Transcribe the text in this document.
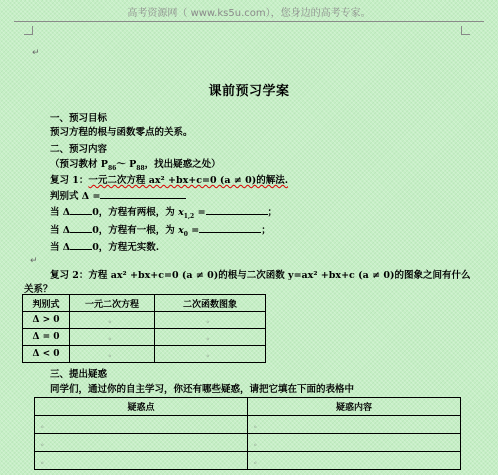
高考资源网（ www.ks5u.com），您身边的高考专家。
↵
课前预习学案
一、预习目标
预习方程的根与函数零点的关系。
二、预习内容
（预习教材 $P_{86}\sim$ $P_{88}$，找出疑惑之处）
复习 1：一元二次方程 ax² +bx+c=0 (a ≠ 0)的解法.
判别式 Δ =
当 Δ 0，方程有两根，为 $x_{1,2}$ =	；
当 Δ 0，方程有一根，为 $x_0$ =	；
当 Δ 0，方程无实数.
↵
复习 2：方程 ax² +bx+c=0 (a ≠ 0)的根与二次函数 y=ax² +bx+c (a ≠ 0)的图象之间有什么
关系？
判别式	一元二次方程	二次函数图象
Δ > 0	。	。
Δ = 0	。	。
Δ < 0	。	。
三、提出疑惑
同学们，通过你的自主学习，你还有哪些疑惑，请把它填在下面的表格中
疑惑点	疑惑内容
。	。
。	。
。	。
